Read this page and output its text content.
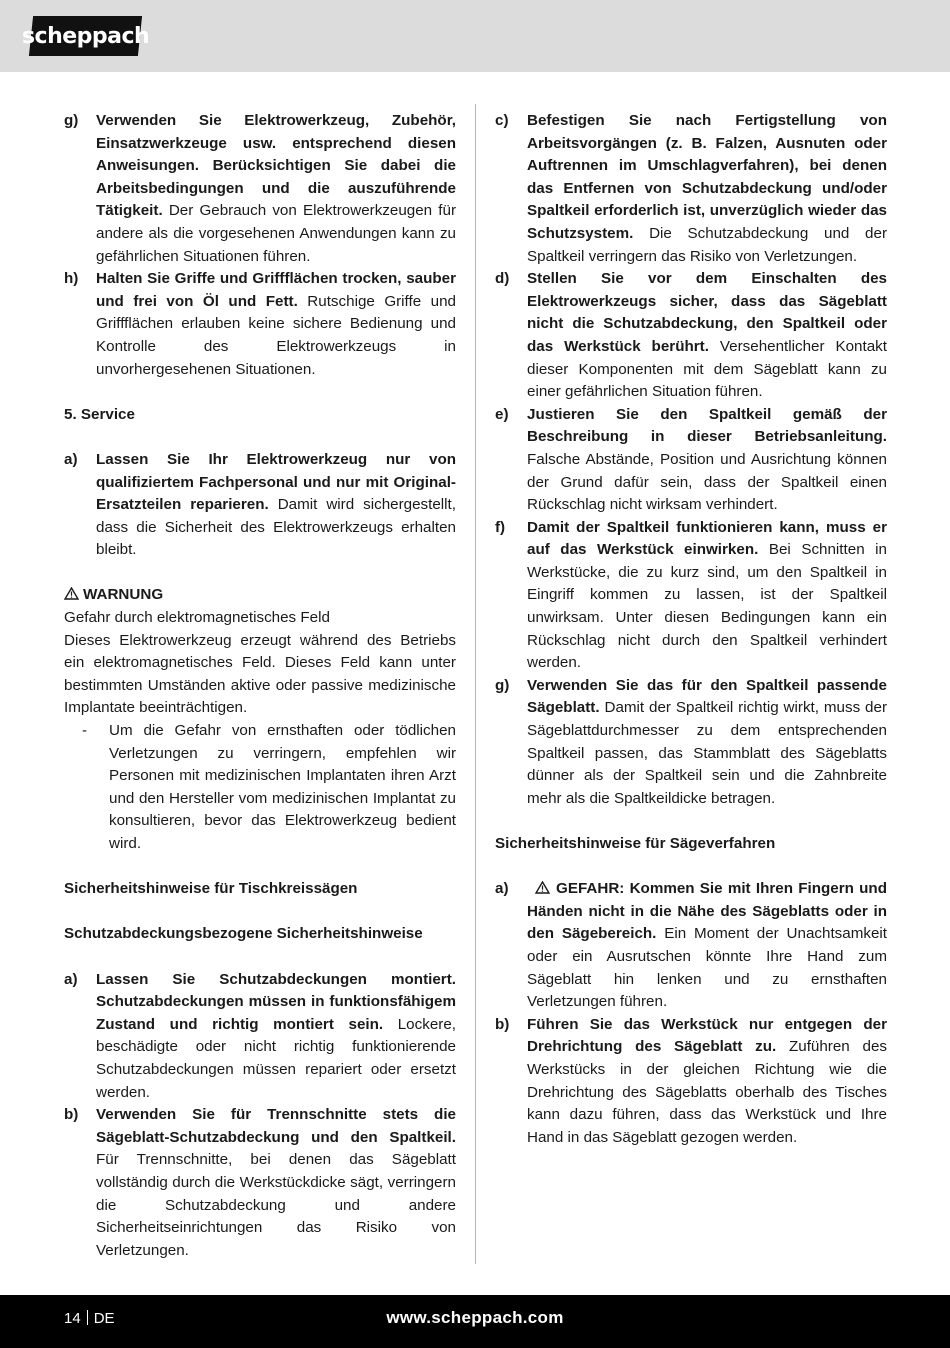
scheppach
g)	Verwenden Sie Elektrowerkzeug, Zubehör, Einsatzwerkzeuge usw. entsprechend diesen Anweisungen. Berücksichtigen Sie dabei die Arbeitsbedingungen und die auszuführende Tätigkeit. Der Gebrauch von Elektrowerkzeugen für andere als die vorgesehenen Anwendungen kann zu gefährlichen Situationen führen.
h)	Halten Sie Griffe und Griffflächen trocken, sauber und frei von Öl und Fett. Rutschige Griffe und Griffflächen erlauben keine sichere Bedienung und Kontrolle des Elektrowerkzeugs in unvorhergesehenen Situationen.
5. Service
a)	Lassen Sie Ihr Elektrowerkzeug nur von qualifiziertem Fachpersonal und nur mit Original-Ersatzteilen reparieren. Damit wird sichergestellt, dass die Sicherheit des Elektrowerkzeugs erhalten bleibt.
WARNUNG
Gefahr durch elektromagnetisches Feld
Dieses Elektrowerkzeug erzeugt während des Betriebs ein elektromagnetisches Feld. Dieses Feld kann unter bestimmten Umständen aktive oder passive medizinische Implantate beeinträchtigen.
-	Um die Gefahr von ernsthaften oder tödlichen Verletzungen zu verringern, empfehlen wir Personen mit medizinischen Implantaten ihren Arzt und den Hersteller vom medizinischen Implantat zu konsultieren, bevor das Elektrowerkzeug bedient wird.
Sicherheitshinweise für Tischkreissägen
Schutzabdeckungsbezogene Sicherheitshinweise
a)	Lassen Sie Schutzabdeckungen montiert. Schutzabdeckungen müssen in funktionsfähigem Zustand und richtig montiert sein. Lockere, beschädigte oder nicht richtig funktionierende Schutzabdeckungen müssen repariert oder ersetzt werden.
b)	Verwenden Sie für Trennschnitte stets die Sägeblatt-Schutzabdeckung und den Spaltkeil. Für Trennschnitte, bei denen das Sägeblatt vollständig durch die Werkstückdicke sägt, verringern die Schutzabdeckung und andere Sicherheitseinrichtungen das Risiko von Verletzungen.
c)	Befestigen Sie nach Fertigstellung von Arbeitsvorgängen (z. B. Falzen, Ausnuten oder Auftrennen im Umschlagverfahren), bei denen das Entfernen von Schutzabdeckung und/oder Spaltkeil erforderlich ist, unverzüglich wieder das Schutzsystem. Die Schutzabdeckung und der Spaltkeil verringern das Risiko von Verletzungen.
d)	Stellen Sie vor dem Einschalten des Elektrowerkzeugs sicher, dass das Sägeblatt nicht die Schutzabdeckung, den Spaltkeil oder das Werkstück berührt. Versehentlicher Kontakt dieser Komponenten mit dem Sägeblatt kann zu einer gefährlichen Situation führen.
e)	Justieren Sie den Spaltkeil gemäß der Beschreibung in dieser Betriebsanleitung. Falsche Abstände, Position und Ausrichtung können der Grund dafür sein, dass der Spaltkeil einen Rückschlag nicht wirksam verhindert.
f)	Damit der Spaltkeil funktionieren kann, muss er auf das Werkstück einwirken. Bei Schnitten in Werkstücke, die zu kurz sind, um den Spaltkeil in Eingriff kommen zu lassen, ist der Spaltkeil unwirksam. Unter diesen Bedingungen kann ein Rückschlag nicht durch den Spaltkeil verhindert werden.
g)	Verwenden Sie das für den Spaltkeil passende Sägeblatt. Damit der Spaltkeil richtig wirkt, muss der Sägeblattdurchmesser zu dem entsprechenden Spaltkeil passen, das Stammblatt des Sägeblatts dünner als der Spaltkeil sein und die Zahnbreite mehr als die Spaltkeildicke betragen.
Sicherheitshinweise für Sägeverfahren
a)	GEFAHR: Kommen Sie mit Ihren Fingern und Händen nicht in die Nähe des Sägeblatts oder in den Sägebereich. Ein Moment der Unachtsamkeit oder ein Ausrutschen könnte Ihre Hand zum Sägeblatt hin lenken und zu ernsthaften Verletzungen führen.
b)	Führen Sie das Werkstück nur entgegen der Drehrichtung des Sägeblatt zu. Zuführen des Werkstücks in der gleichen Richtung wie die Drehrichtung des Sägeblatts oberhalb des Tisches kann dazu führen, dass das Werkstück und Ihre Hand in das Sägeblatt gezogen werden.
14 DE	www.scheppach.com
